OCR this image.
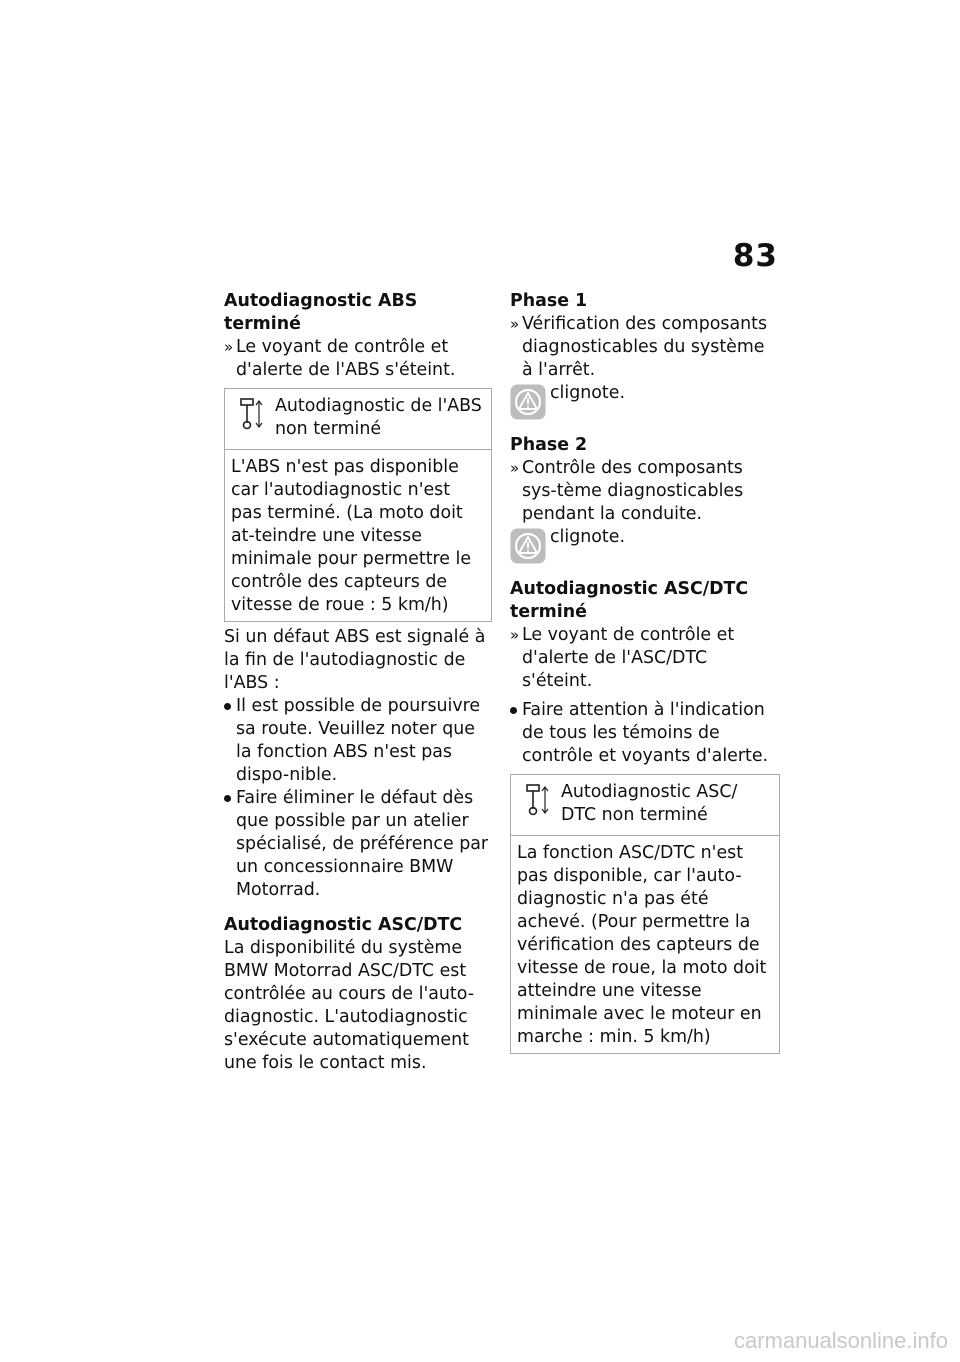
83
Autodiagnostic ABS terminé
» Le voyant de contrôle et d'alerte de l'ABS s'éteint.
Autodiagnostic de l'ABS non terminé
L'ABS n'est pas disponible car l'autodiagnostic n'est pas terminé. (La moto doit at-teindre une vitesse minimale pour permettre le contrôle des capteurs de vitesse de roue : 5 km/h)
Si un défaut ABS est signalé à la fin de l'autodiagnostic de l'ABS :
Il est possible de poursuivre sa route. Veuillez noter que la fonction ABS n'est pas dispo-nible.
Faire éliminer le défaut dès que possible par un atelier spécialisé, de préférence par un concessionnaire BMW Motorrad.
Autodiagnostic ASC/DTC
La disponibilité du système BMW Motorrad ASC/DTC est contrôlée au cours de l'auto-diagnostic. L'autodiagnostic s'exécute automatiquement une fois le contact mis.
Phase 1
» Vérification des composants diagnosticables du système à l'arrêt.
clignote.
Phase 2
» Contrôle des composants sys-tème diagnosticables pendant la conduite.
clignote.
Autodiagnostic ASC/DTC terminé
» Le voyant de contrôle et d'alerte de l'ASC/DTC s'éteint.
Faire attention à l'indication de tous les témoins de contrôle et voyants d'alerte.
Autodiagnostic ASC/ DTC non terminé
La fonction ASC/DTC n'est pas disponible, car l'auto-diagnostic n'a pas été achevé. (Pour permettre la vérification des capteurs de vitesse de roue, la moto doit atteindre une vitesse minimale avec le moteur en marche : min. 5 km/h)
carmanualsonline.info
